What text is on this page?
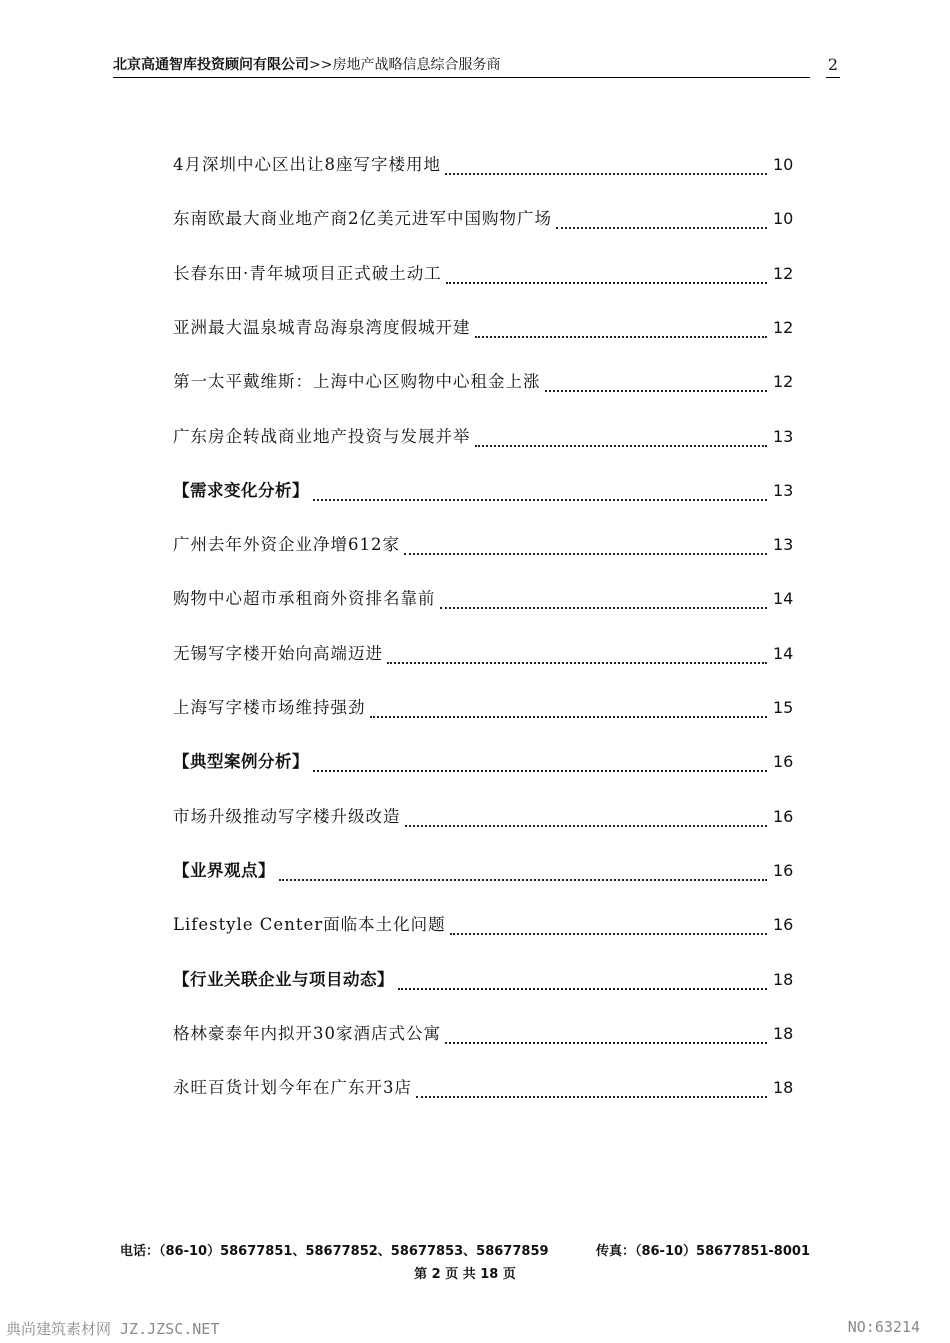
北京高通智库投资顾问有限公司>>房地产战略信息综合服务商	2
4月深圳中心区出让8座写字楼用地	10
东南欧最大商业地产商2亿美元进军中国购物广场	10
长春东田·青年城项目正式破土动工	12
亚洲最大温泉城青岛海泉湾度假城开建	12
第一太平戴维斯：上海中心区购物中心租金上涨	12
广东房企转战商业地产投资与发展并举	13
【需求变化分析】	13
广州去年外资企业净增612家	13
购物中心超市承租商外资排名靠前	14
无锡写字楼开始向高端迈进	14
上海写字楼市场维持强劲	15
【典型案例分析】	16
市场升级推动写字楼升级改造	16
【业界观点】	16
Lifestyle Center面临本土化问题	16
【行业关联企业与项目动态】	18
格林豪泰年内拟开30家酒店式公寓	18
永旺百货计划今年在广东开3店	18
电话：（86-10）58677851、58677852、58677853、58677859	传真：（86-10）58677851-8001
第 2 页 共 18 页
典尚建筑素材网 JZ.JZSC.NET	NO:63214
